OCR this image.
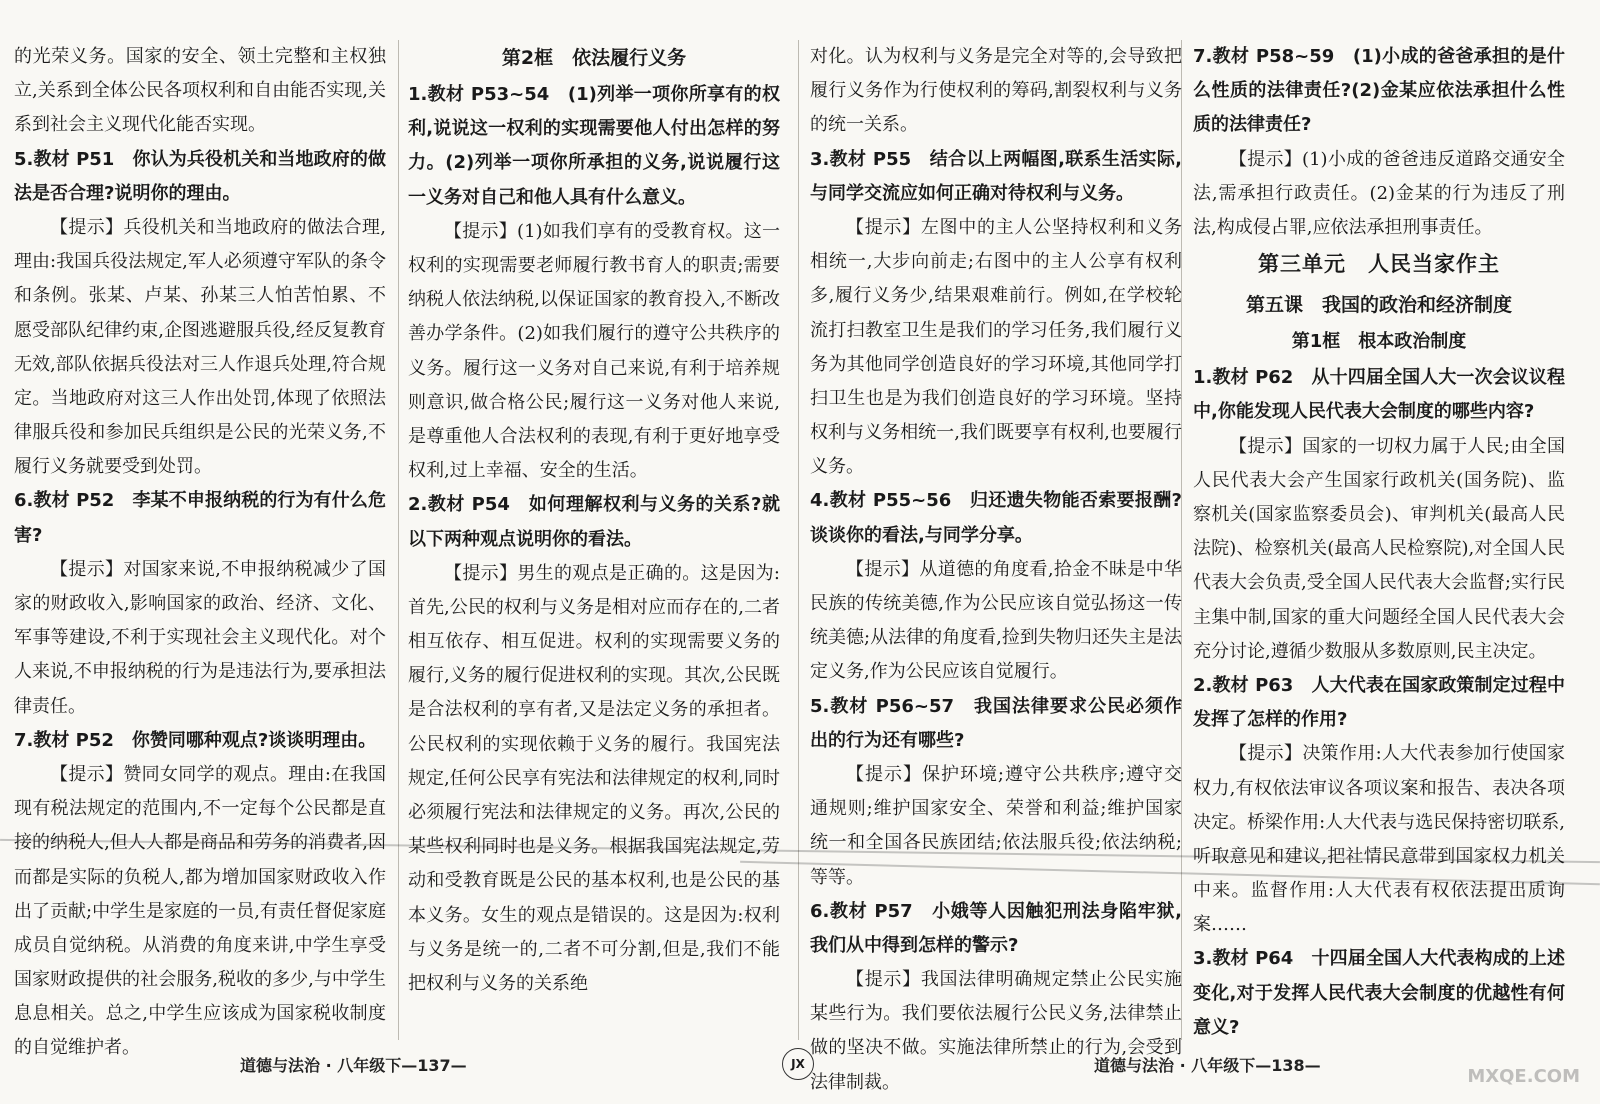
的光荣义务。国家的安全、领土完整和主权独立,关系到全体公民各项权利和自由能否实现,关系到社会主义现代化能否实现。

5.教材 P51　你认为兵役机关和当地政府的做法是否合理?说明你的理由。

【提示】兵役机关和当地政府的做法合理,理由:我国兵役法规定,军人必须遵守军队的条令和条例。张某、卢某、孙某三人怕苦怕累、不愿受部队纪律约束,企图逃避服兵役,经反复教育无效,部队依据兵役法对三人作退兵处理,符合规定。当地政府对这三人作出处罚,体现了依照法律服兵役和参加民兵组织是公民的光荣义务,不履行义务就要受到处罚。

6.教材 P52　李某不申报纳税的行为有什么危害?

【提示】对国家来说,不申报纳税减少了国家的财政收入,影响国家的政治、经济、文化、军事等建设,不利于实现社会主义现代化。对个人来说,不申报纳税的行为是违法行为,要承担法律责任。

7.教材 P52　你赞同哪种观点?谈谈明理由。

【提示】赞同女同学的观点。理由:在我国现有税法规定的范围内,不一定每个公民都是直接的纳税人,但人人都是商品和劳务的消费者,因而都是实际的负税人,都为增加国家财政收入作出了贡献;中学生是家庭的一员,有责任督促家庭成员自觉纳税。从消费的角度来讲,中学生享受国家财政提供的社会服务,税收的多少,与中学生息息相关。总之,中学生应该成为国家税收制度的自觉维护者。

第2框　依法履行义务

1.教材 P53~54　(1)列举一项你所享有的权利,说说这一权利的实现需要他人付出怎样的努力。(2)列举一项你所承担的义务,说说履行这一义务对自己和他人具有什么意义。

【提示】(1)如我们享有的受教育权。这一权利的实现需要老师履行教书育人的职责;需要纳税人依法纳税,以保证国家的教育投入,不断改善办学条件。(2)如我们履行的遵守公共秩序的义务。履行这一义务对自己来说,有利于培养规则意识,做合格公民;履行这一义务对他人来说,是尊重他人合法权利的表现,有利于更好地享受权利,过上幸福、安全的生活。

2.教材 P54　如何理解权利与义务的关系?就以下两种观点说明你的看法。

【提示】男生的观点是正确的。这是因为:首先,公民的权利与义务是相对应而存在的,二者相互依存、相互促进。权利的实现需要义务的履行,义务的履行促进权利的实现。其次,公民既是合法权利的享有者,又是法定义务的承担者。公民权利的实现依赖于义务的履行。我国宪法规定,任何公民享有宪法和法律规定的权利,同时必须履行宪法和法律规定的义务。再次,公民的某些权利同时也是义务。根据我国宪法规定,劳动和受教育既是公民的基本权利,也是公民的基本义务。女生的观点是错误的。这是因为:权利与义务是统一的,二者不可分割,但是,我们不能把权利与义务的关系绝

对化。认为权利与义务是完全对等的,会导致把履行义务作为行使权利的筹码,割裂权利与义务的统一关系。

3.教材 P55　结合以上两幅图,联系生活实际,与同学交流应如何正确对待权利与义务。

【提示】左图中的主人公坚持权利和义务相统一,大步向前走;右图中的主人公享有权利多,履行义务少,结果艰难前行。例如,在学校轮流打扫教室卫生是我们的学习任务,我们履行义务为其他同学创造良好的学习环境,其他同学打扫卫生也是为我们创造良好的学习环境。坚持权利与义务相统一,我们既要享有权利,也要履行义务。

4.教材 P55~56　归还遗失物能否索要报酬?谈谈你的看法,与同学分享。

【提示】从道德的角度看,拾金不昧是中华民族的传统美德,作为公民应该自觉弘扬这一传统美德;从法律的角度看,捡到失物归还失主是法定义务,作为公民应该自觉履行。

5.教材 P56~57　我国法律要求公民必须作出的行为还有哪些?

【提示】保护环境;遵守公共秩序;遵守交通规则;维护国家安全、荣誉和利益;维护国家统一和全国各民族团结;依法服兵役;依法纳税;等等。

6.教材 P57　小娥等人因触犯刑法身陷牢狱,我们从中得到怎样的警示?

【提示】我国法律明确规定禁止公民实施某些行为。我们要依法履行公民义务,法律禁止做的坚决不做。实施法律所禁止的行为,会受到法律制裁。

7.教材 P58~59　(1)小成的爸爸承担的是什么性质的法律责任?(2)金某应依法承担什么性质的法律责任?

【提示】(1)小成的爸爸违反道路交通安全法,需承担行政责任。(2)金某的行为违反了刑法,构成侵占罪,应依法承担刑事责任。

第三单元　人民当家作主

第五课　我国的政治和经济制度

第1框　根本政治制度

1.教材 P62　从十四届全国人大一次会议议程中,你能发现人民代表大会制度的哪些内容?

【提示】国家的一切权力属于人民;由全国人民代表大会产生国家行政机关(国务院)、监察机关(国家监察委员会)、审判机关(最高人民法院)、检察机关(最高人民检察院),对全国人民代表大会负责,受全国人民代表大会监督;实行民主集中制,国家的重大问题经全国人民代表大会充分讨论,遵循少数服从多数原则,民主决定。

2.教材 P63　人大代表在国家政策制定过程中发挥了怎样的作用?

【提示】决策作用:人大代表参加行使国家权力,有权依法审议各项议案和报告、表决各项决定。桥梁作用:人大代表与选民保持密切联系,听取意见和建议,把社情民意带到国家权力机关中来。监督作用:人大代表有权依法提出质询案……

3.教材 P64　十四届全国人大代表构成的上述变化,对于发挥人民代表大会制度的优越性有何意义?

道德与法治 · 八年级下—137—	JX	道德与法治 · 八年级下—138—
MXQE.COM
